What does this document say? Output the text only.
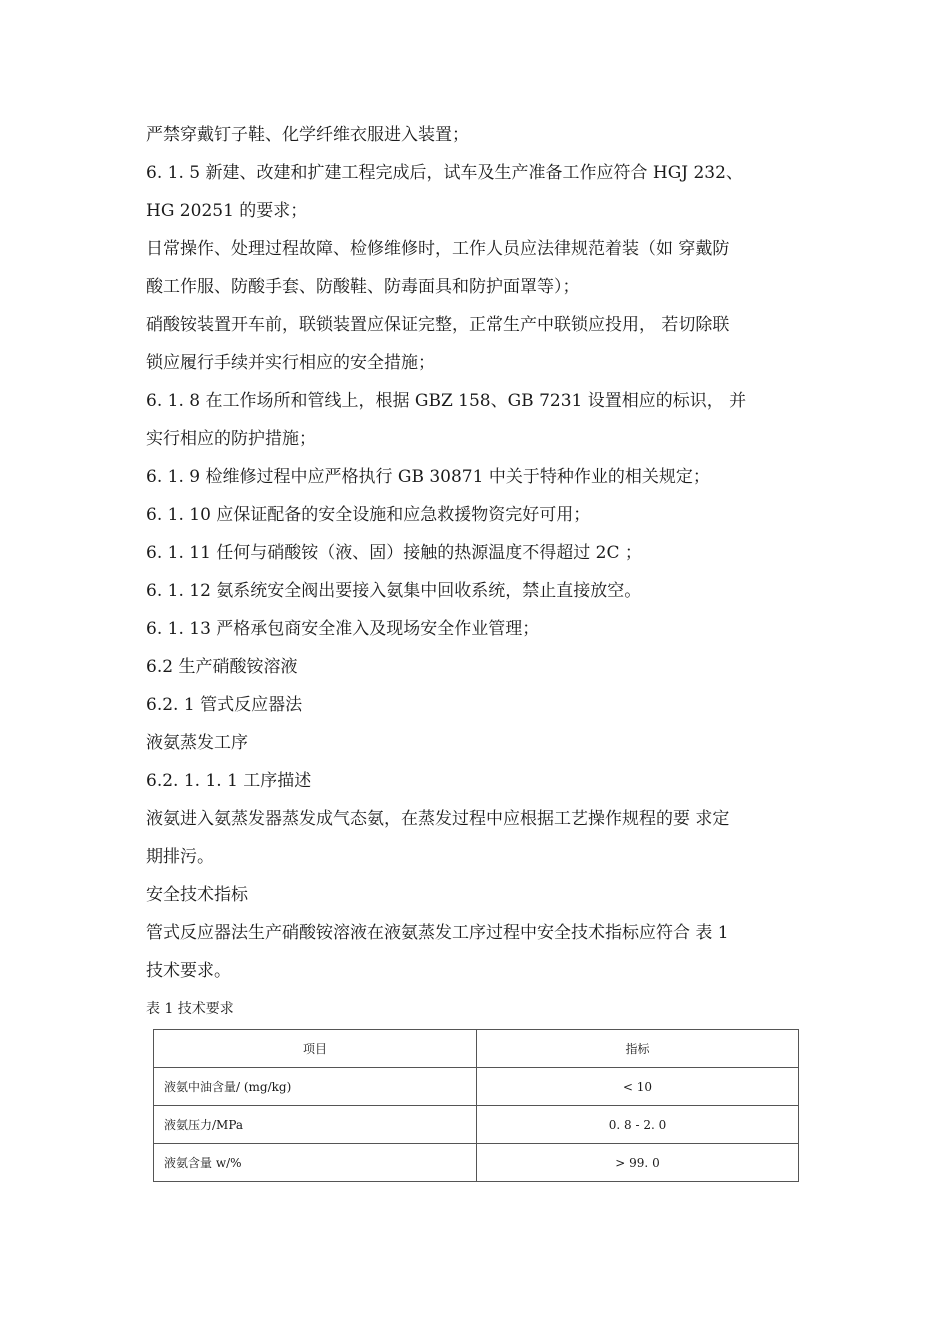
严禁穿戴钉子鞋、化学纤维衣服进入装置；
6. 1. 5 新建、改建和扩建工程完成后，试车及生产准备工作应符合 HGJ 232、
HG 20251 的要求；
日常操作、处理过程故障、检修维修时，工作人员应法律规范着装（如 穿戴防
酸工作服、防酸手套、防酸鞋、防毒面具和防护面罩等）；
硝酸铵装置开车前，联锁装置应保证完整，正常生产中联锁应投用， 若切除联
锁应履行手续并实行相应的安全措施；
6. 1. 8 在工作场所和管线上，根据 GBZ 158、GB 7231 设置相应的标识， 并
实行相应的防护措施；
6. 1. 9 检维修过程中应严格执行 GB 30871 中关于特种作业的相关规定；
6. 1. 10 应保证配备的安全设施和应急救援物资完好可用；
6. 1. 11 任何与硝酸铵（液、固）接触的热源温度不得超过 2C ；
6. 1. 12 氨系统安全阀出要接入氨集中回收系统，禁止直接放空。
6. 1. 13 严格承包商安全准入及现场安全作业管理；
6.2 生产硝酸铵溶液
6.2. 1 管式反应器法
液氨蒸发工序
6.2. 1. 1. 1 工序描述
液氨进入氨蒸发器蒸发成气态氨，在蒸发过程中应根据工艺操作规程的要 求定
期排污。
安全技术指标
管式反应器法生产硝酸铵溶液在液氨蒸发工序过程中安全技术指标应符合 表 1
技术要求。
表 1 技术要求
项目	指标
液氨中油含量/ (mg/kg)	< 10
液氨压力/MPa	0. 8 - 2. 0
液氨含量 w/%	> 99. 0
